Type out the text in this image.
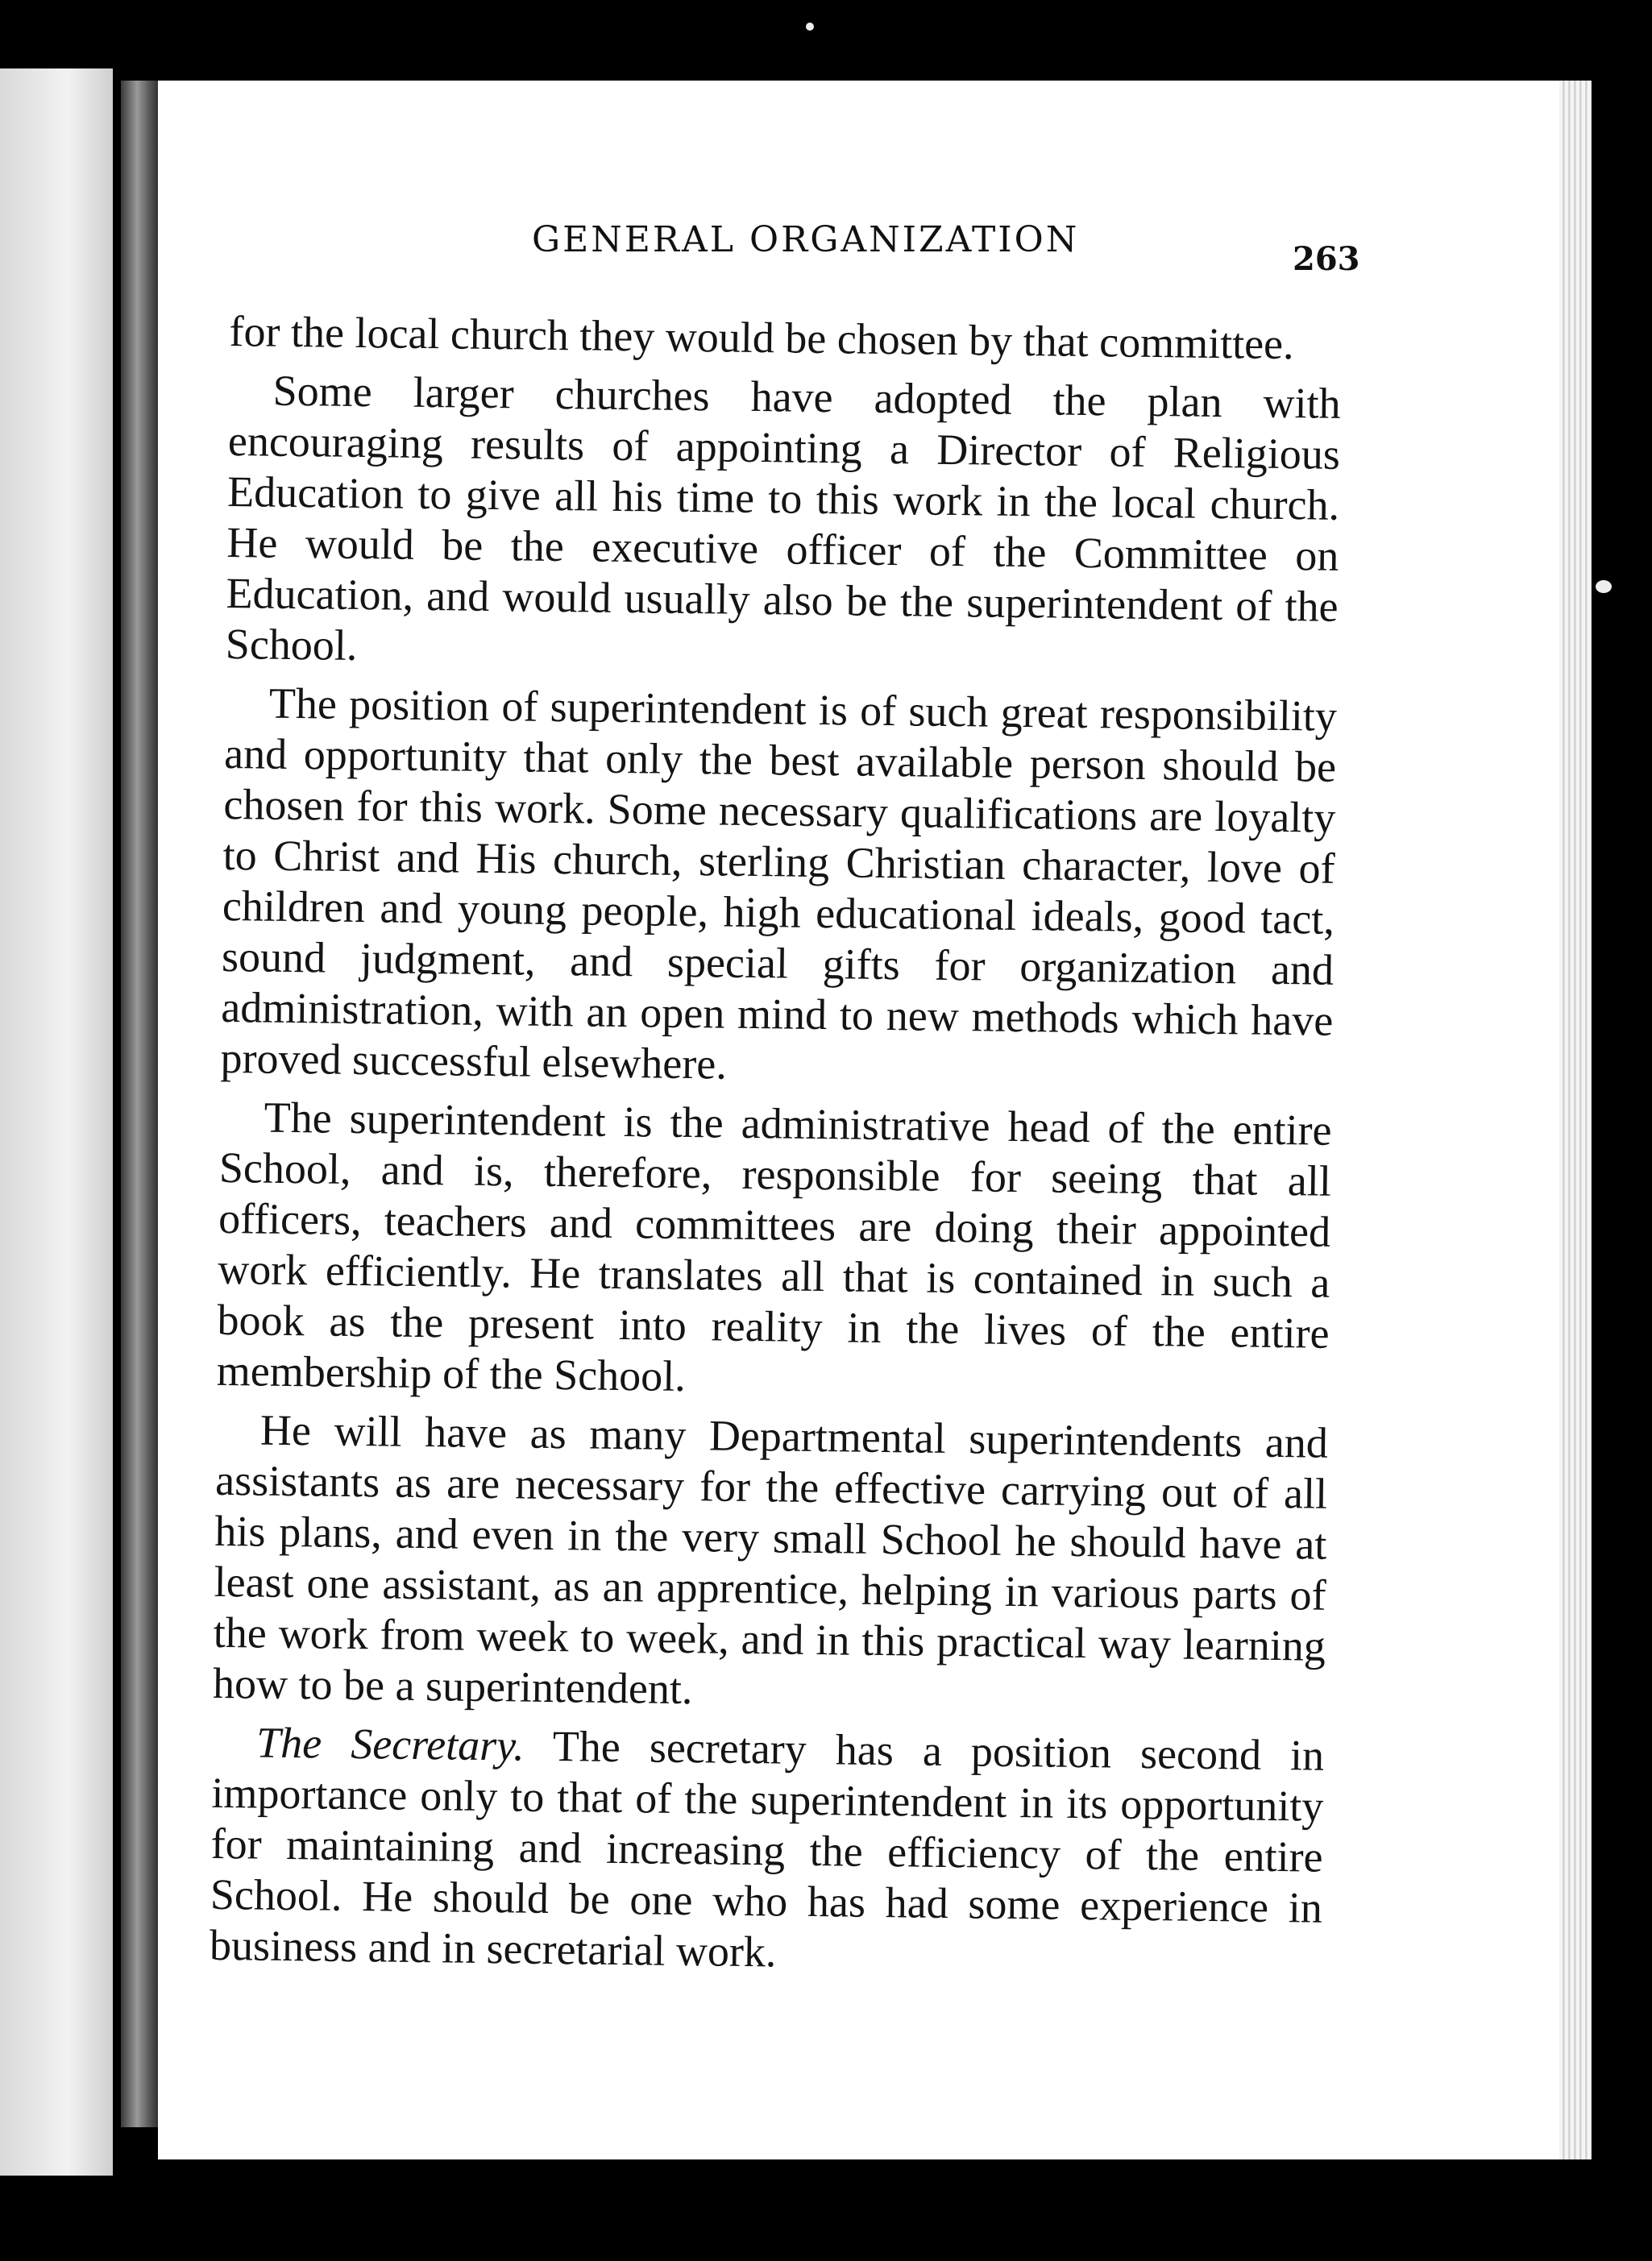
GENERAL ORGANIZATION	263

for the local church they would be chosen by that committee.

Some larger churches have adopted the plan with encouraging results of appointing a Director of Religious Education to give all his time to this work in the local church. He would be the executive officer of the Committee on Education, and would usually also be the superintendent of the School.

The position of superintendent is of such great responsibility and opportunity that only the best available person should be chosen for this work. Some necessary qualifications are loyalty to Christ and His church, sterling Christian character, love of children and young people, high educational ideals, good tact, sound judgment, and special gifts for organization and administration, with an open mind to new methods which have proved successful elsewhere.

The superintendent is the administrative head of the entire School, and is, therefore, responsible for seeing that all officers, teachers and committees are doing their appointed work efficiently. He translates all that is contained in such a book as the present into reality in the lives of the entire membership of the School.

He will have as many Departmental superintendents and assistants as are necessary for the effective carrying out of all his plans, and even in the very small School he should have at least one assistant, as an apprentice, helping in various parts of the work from week to week, and in this practical way learning how to be a superintendent.

The Secretary. The secretary has a position second in importance only to that of the superintendent in its opportunity for maintaining and increasing the efficiency of the entire School. He should be one who has had some experience in business and in secretarial work.
